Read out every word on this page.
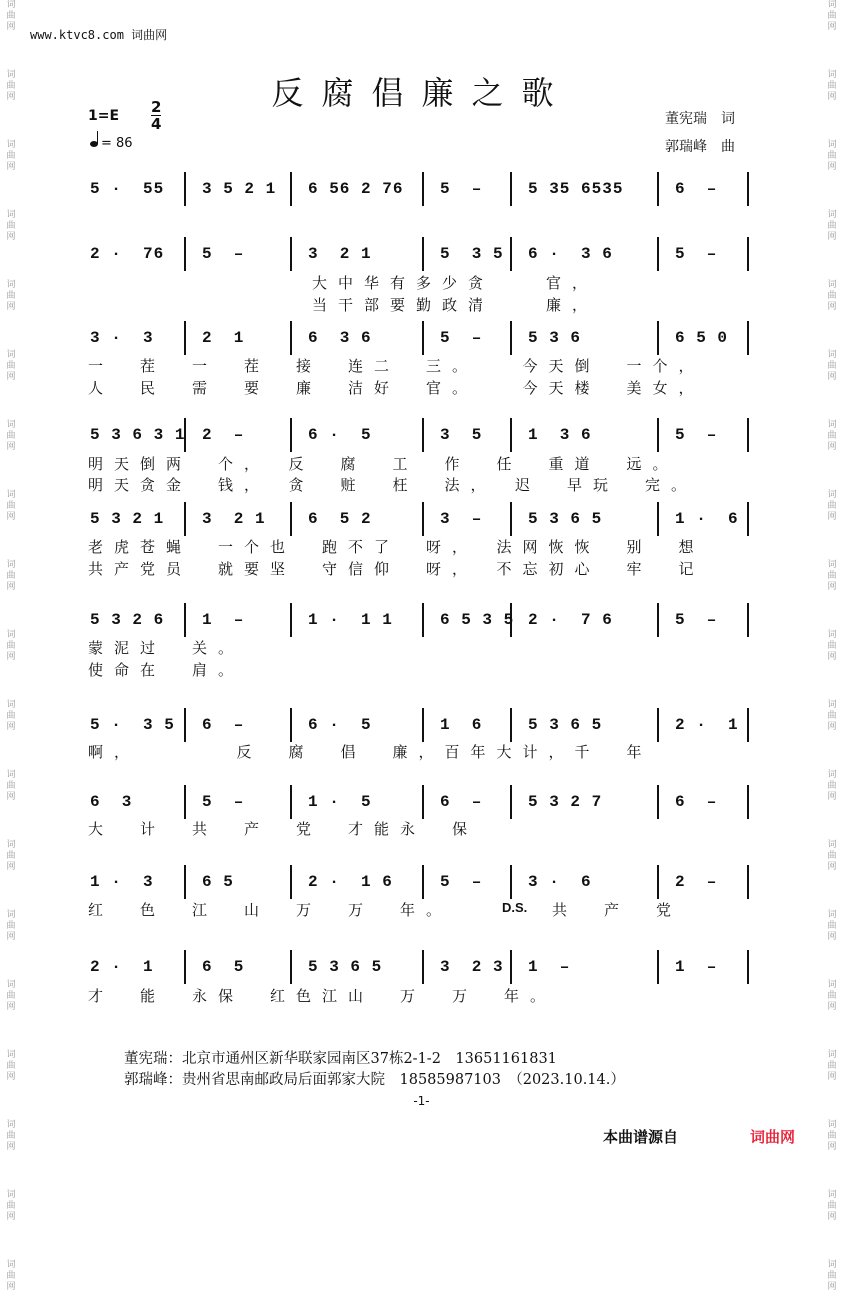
词
曲
网
词
曲
网
词
曲
网
词
曲
网
词
曲
网
词
曲
网
词
曲
网
词
曲
网
词
曲
网
词
曲
网
词
曲
网
词
曲
网
词
曲
网
词
曲
网
词
曲
网
词
曲
网
词
曲
网
词
曲
网
词
曲
网
词
曲
网
词
曲
网
词
曲
网
词
曲
网
词
曲
网
词
曲
网
词
曲
网
词
曲
网
词
曲
网
词
曲
网
词
曲
网
词
曲
网
词
曲
网
词
曲
网
词
曲
网
词
曲
网
词
曲
网
词
曲
网
词
曲
网
www.ktvc8.com 词曲网
反腐倡廉之歌
1=E 2
4
= 86
董宪瑞　词
郭瑞峰　曲
5 ·  55 3 5 2 1 6 56 2 76 5  –	5 35 6535	6  –
2 ·  76 5  –	3  2 1	5  3 5 6 ·  3 6	5  –
3 ·  3	2  1	6  3 6	5  –	5 3 6	6 5 0
5 3 6 3 1 2  –	6 ·  5	3  5	1  3 6	5  –
5 3 2 1 3  2 1	6  5 2	3  –	5 3 6 5	1 ·  6
5 3 2 6 1  –	1 ·  1 1	6 5 3 5 2 ·  7 6	5  –
5 ·  3 5 6  –	6 ·  5	1  6	5 3 6 5	2 ·  1
6  3	5  –	1 ·  5	6  –	5 3 2 7	6  –
1 ·  3	6 5	2 ·  1 6	5  –	3 ·  6	2  –
2 ·  1	6  5	5 3 6 5	3  2 3 1  –	1  –
大中华有多少贪　　官，
当干部要勤政清　　廉，
一　茬　一　茬　接　连二　三。　　今天倒　一个，
人　民　需　要　廉　洁好　官。　　今天楼　美女，
明天倒两　个，　反　腐　工　作　任　重道　远。
明天贪金　钱，　贪　赃　枉　法，　迟　早玩　完。
老虎苍蝇　一个也　跑不了　呀，　法网恢恢　别　想
共产党员　就要坚　守信仰　呀，　不忘初心　牢　记
蒙泥过　关。
使命在　肩。
啊，　　　　反　腐　倡　廉，百年大计，千　年
大　计　共　产　党　才能永　保
红　色　江　山　万　万　年。	D.S. 共　产　党
才　能　永保　红色江山　万　万　年。
董宪瑞：北京市通州区新华联家园南区37栋2-1-2　13651161831
郭瑞峰：贵州省思南邮政局后面郭家大院　18585987103　（2023.10.14.）
-1-
本曲谱源自	词曲网
